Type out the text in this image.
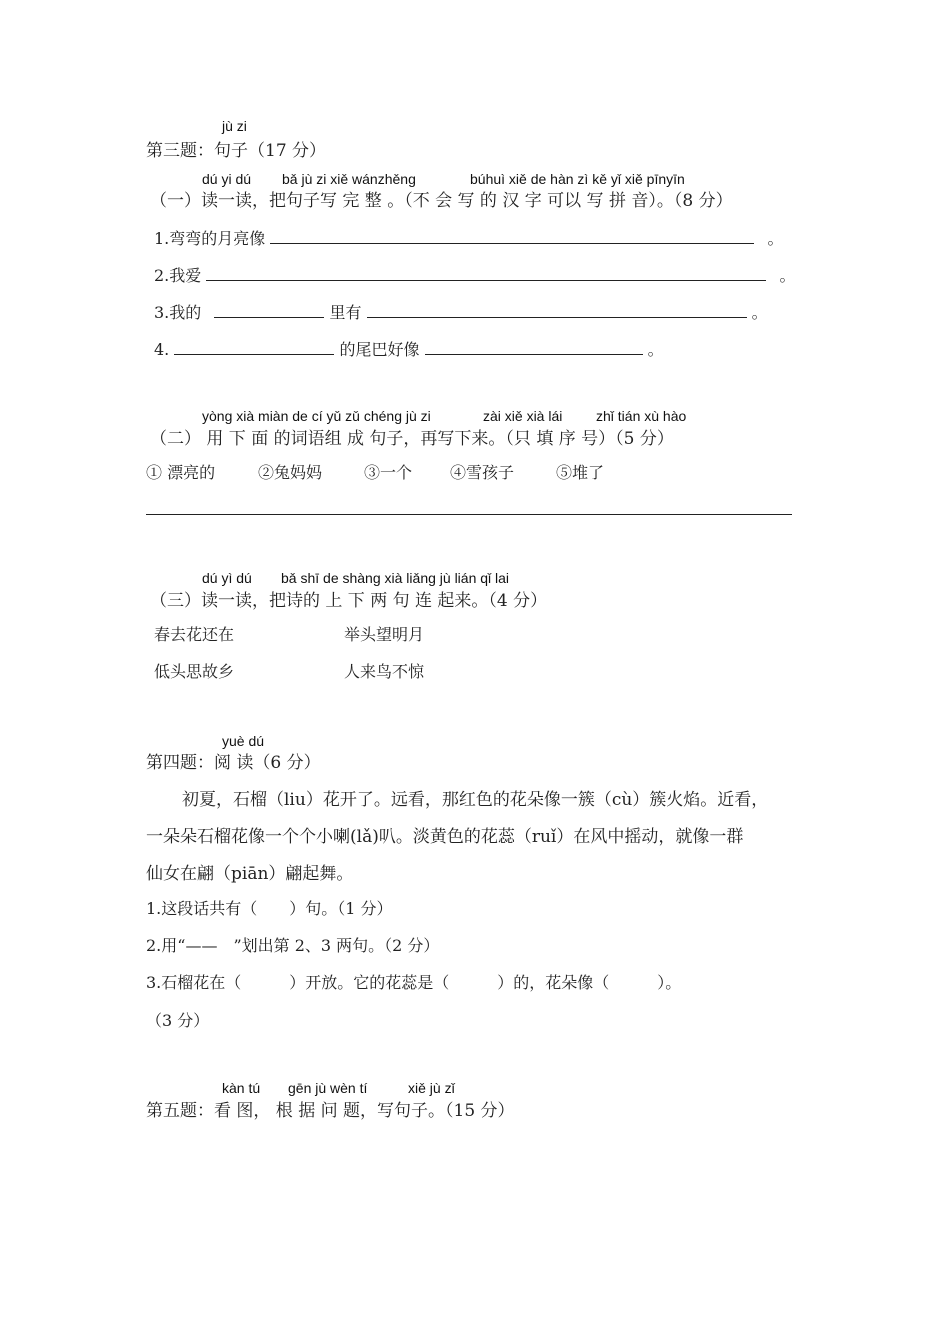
jù zi
第三题：句子（17 分）
dú yi dú bǎ jù zi xiě wánzhěng	búhuì xiě de hàn zì kě yǐ xiě pīnyīn
（一）读一读，把句子写 完 整 。（不 会 写 的 汉 字 可以 写 拼 音）。（8 分）
1.弯弯的月亮像	。
2.我爱	。
3.我的	里有	。
4.	的尾巴好像	。
yòng xià miàn de cí yǔ zǔ chéng jù zi	zài xiě xià lái zhǐ tián xù hào
（二） 用 下 面 的词语组 成 句子，再写下来。（只 填 序 号）（5 分）
① 漂亮的	②兔妈妈	③一个 ④雪孩子	⑤堆了
dú yì dú bǎ shī de shàng xià liǎng jù lián qǐ lai
（三）读一读，把诗的 上 下 两 句 连 起来。（4 分）
春去花还在	举头望明月
低头思故乡	人来鸟不惊
yuè dú
第四题：阅 读（6 分）
初夏，石榴（liu）花开了。远看，那红色的花朵像一簇（cù）簇火焰。近看，
一朵朵石榴花像一个个小喇(lǎ)叭。淡黄色的花蕊（ruǐ）在风中摇动，就像一群
仙女在翩（piān）翩起舞。
1.这段话共有（　　）句。（1 分）
2.用“——　”划出第 2、3 两句。（2 分）
3.石榴花在（　　　）开放。它的花蕊是（　　　）的，花朵像（　　　）。
（3 分）
kàn tú gēn jù wèn tí	xiě jù zǐ
第五题：看 图， 根 据 问 题，写句子。（15 分）
